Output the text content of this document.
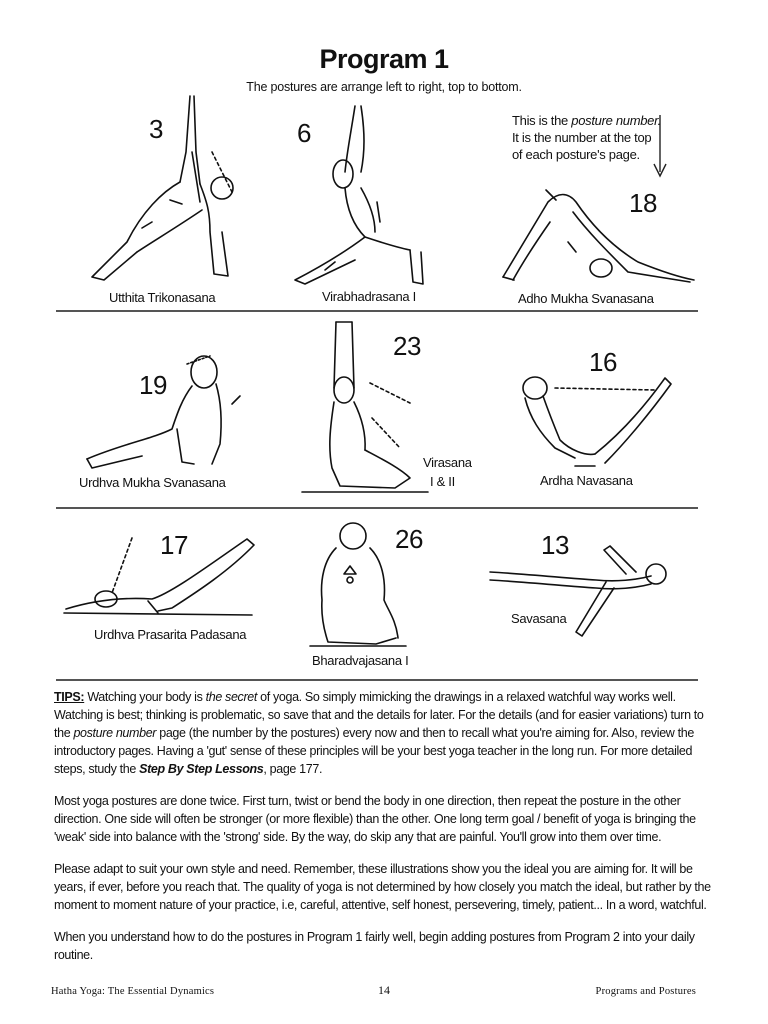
Program 1
The postures are arrange left to right, top to bottom.
This is the posture number.
It is the number at the top
of each posture's page.
3
Utthita Trikonasana
6
Virabhadrasana I
18
Adho Mukha Svanasana
19
Urdhva Mukha Svanasana
23
Virasana
I & II
16
Ardha Navasana
17
Urdhva Prasarita Padasana
26
Bharadvajasana I
13
Savasana

TIPS: Watching your body is the secret of yoga. So simply mimicking the drawings in a relaxed watchful way works well. Watching is best; thinking is problematic, so save that and the details for later. For the details (and for easier variations) turn to the posture number page (the number by the postures) every now and then to recall what you're aiming for. Also, review the introductory pages. Having a 'gut' sense of these principles will be your best yoga teacher in the long run. For more detailed steps, study the Step By Step Lessons, page 177.

Most yoga postures are done twice. First turn, twist or bend the body in one direction, then repeat the posture in the other direction. One side will often be stronger (or more flexible) than the other. One long term goal / benefit of yoga is bringing the 'weak' side into balance with the 'strong' side. By the way, do skip any that are painful. You'll grow into them over time.

Please adapt to suit your own style and need. Remember, these illustrations show you the ideal you are aiming for. It will be years, if ever, before you reach that. The quality of yoga is not determined by how closely you match the ideal, but rather by the moment to moment nature of your practice, i.e, careful, attentive, self honest, persevering, timely, patient... In a word, watchful.

When you understand how to do the postures in Program 1 fairly well, begin adding postures from Program 2 into your daily routine.

Hatha Yoga: The Essential Dynamics	14	Programs and Postures
